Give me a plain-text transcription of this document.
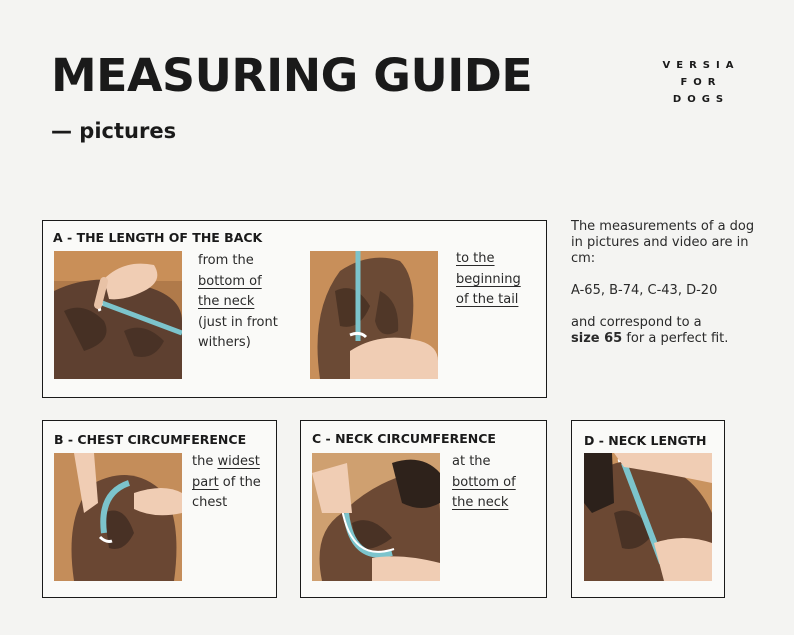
MEASURING GUIDE
— pictures
VERSIA
FOR
DOGS
A - THE LENGTH OF THE BACK
from the
bottom of
the neck
(just in front
withers)
to the
beginning
of the tail

The measurements of a dog in pictures and video are in cm:

A-65, B-74, C-43, D-20

and correspond to a
size 65 for a perfect fit.

B - CHEST CIRCUMFERENCE
the widest
part of the
chest
C - NECK CIRCUMFERENCE
at the
bottom of
the neck
D - NECK LENGTH
